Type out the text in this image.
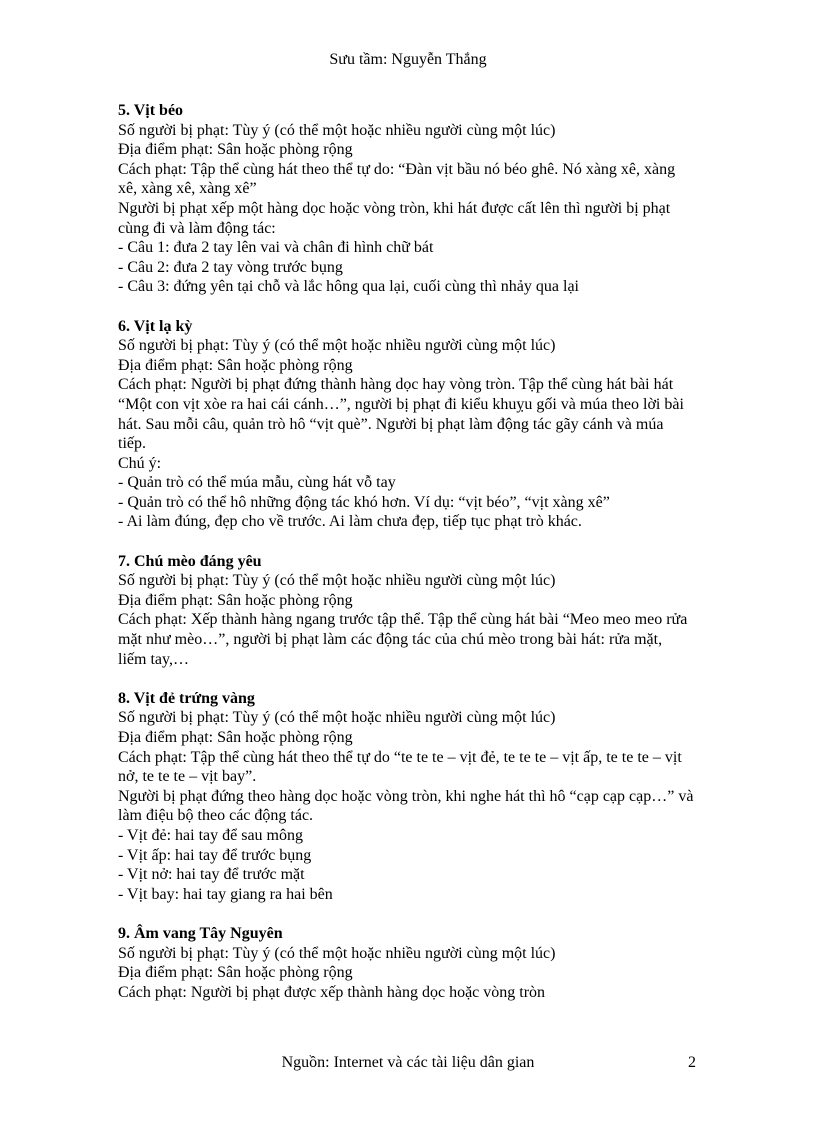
Sưu tầm: Nguyễn Thắng
5. Vịt béo
Số người bị phạt: Tùy ý (có thể một hoặc nhiều người cùng một lúc)
Địa điểm phạt: Sân hoặc phòng rộng
Cách phạt: Tập thể cùng hát theo thể tự do: “Đàn vịt bầu nó béo ghê. Nó xàng xê, xàng
xê, xàng xê, xàng xê”
Người bị phạt xếp một hàng dọc hoặc vòng tròn, khi hát được cất lên thì người bị phạt
cùng đi và làm động tác:
- Câu 1: đưa 2 tay lên vai và chân đi hình chữ bát
- Câu 2: đưa 2 tay vòng trước bụng
- Câu 3: đứng yên tại chỗ và lắc hông qua lại, cuối cùng thì nhảy qua lại
6. Vịt lạ kỳ
Số người bị phạt: Tùy ý (có thể một hoặc nhiều người cùng một lúc)
Địa điểm phạt: Sân hoặc phòng rộng
Cách phạt: Người bị phạt đứng thành hàng dọc hay vòng tròn. Tập thể cùng hát bài hát
“Một con vịt xòe ra hai cái cánh…”, người bị phạt đi kiểu khuỵu gối và múa theo lời bài
hát. Sau mỗi câu, quản trò hô “vịt què”. Người bị phạt làm động tác gãy cánh và múa
tiếp.
Chú ý:
- Quản trò có thể múa mẫu, cùng hát vỗ tay
- Quản trò có thể hô những động tác khó hơn. Ví dụ: “vịt béo”, “vịt xàng xê”
- Ai làm đúng, đẹp cho về trước. Ai làm chưa đẹp, tiếp tục phạt trò khác.
7. Chú mèo đáng yêu
Số người bị phạt: Tùy ý (có thể một hoặc nhiều người cùng một lúc)
Địa điểm phạt: Sân hoặc phòng rộng
Cách phạt: Xếp thành hàng ngang trước tập thể. Tập thể cùng hát bài “Meo meo meo rửa
mặt như mèo…”, người bị phạt làm các động tác của chú mèo trong bài hát: rửa mặt,
liếm tay,…
8. Vịt đẻ trứng vàng
Số người bị phạt: Tùy ý (có thể một hoặc nhiều người cùng một lúc)
Địa điểm phạt: Sân hoặc phòng rộng
Cách phạt: Tập thể cùng hát theo thể tự do “te te te – vịt đẻ, te te te – vịt ấp, te te te – vịt
nở, te te te – vịt bay”.
Người bị phạt đứng theo hàng dọc hoặc vòng tròn, khi nghe hát thì hô “cạp cạp cạp…” và
làm điệu bộ theo các động tác.
- Vịt đẻ: hai tay để sau mông
- Vịt ấp: hai tay để trước bụng
- Vịt nở: hai tay để trước mặt
- Vịt bay: hai tay giang ra hai bên
9. Âm vang Tây Nguyên
Số người bị phạt: Tùy ý (có thể một hoặc nhiều người cùng một lúc)
Địa điểm phạt: Sân hoặc phòng rộng
Cách phạt: Người bị phạt được xếp thành hàng dọc hoặc vòng tròn
Nguồn: Internet và các tài liệu dân gian	2
